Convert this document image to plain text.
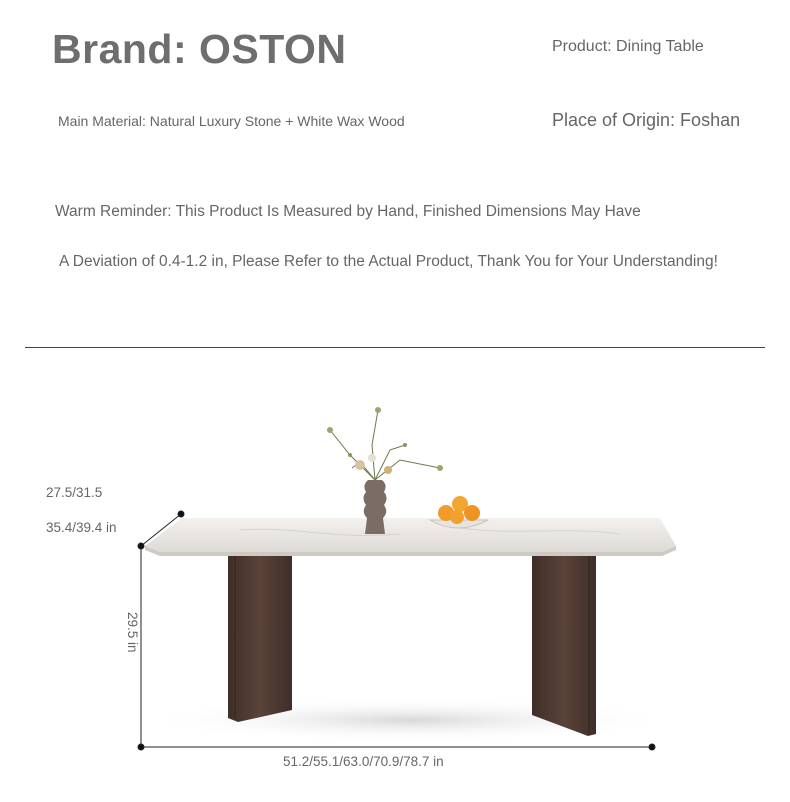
Brand: OSTON	Product: Dining Table
Main Material: Natural Luxury Stone + White Wax Wood	Place of Origin: Foshan
Warm Reminder: This Product Is Measured by Hand, Finished Dimensions May Have
A Deviation of 0.4-1.2 in, Please Refer to the Actual Product, Thank You for Your Understanding!
27.5/31.5
35.4/39.4 in
29.5 in
51.2/55.1/63.0/70.9/78.7 in
